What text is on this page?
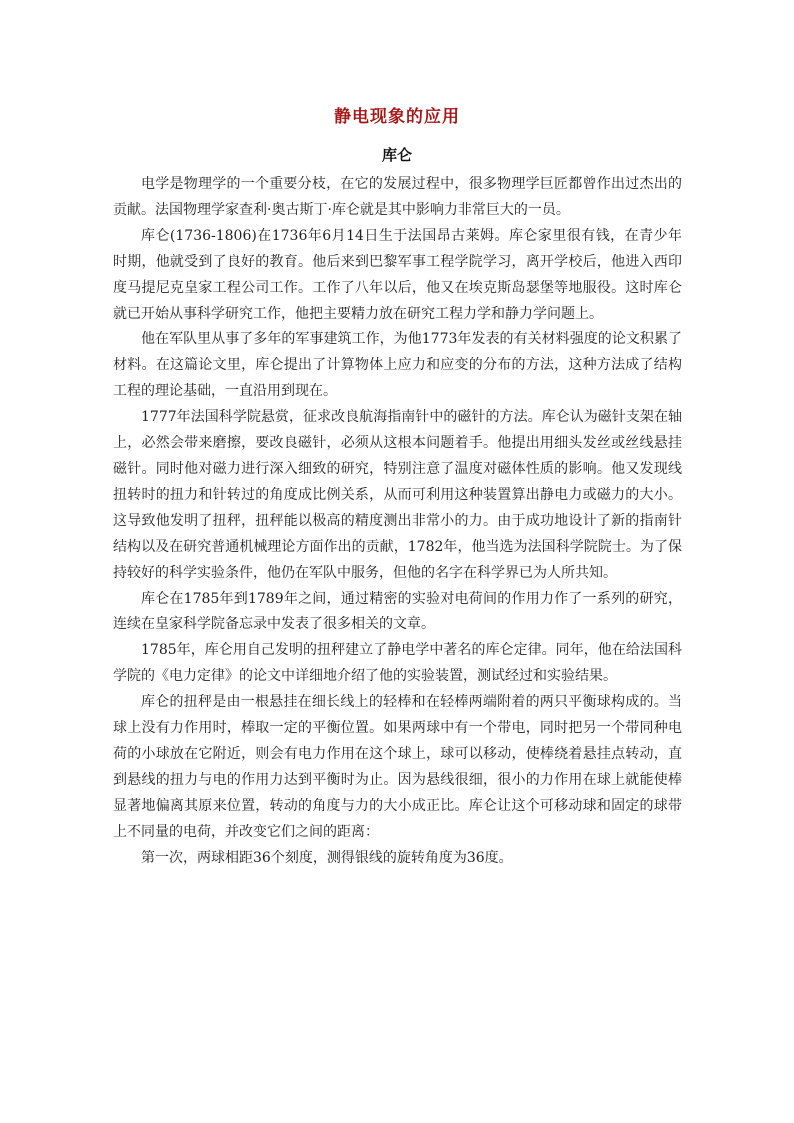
静电现象的应用
库仑

电学是物理学的一个重要分枝，在它的发展过程中，很多物理学巨匠都曾作出过杰出的贡献。法国物理学家查利·奥古斯丁·库仑就是其中影响力非常巨大的一员。

库仑(1736-1806)在1736年6月14日生于法国昂古莱姆。库仑家里很有钱，在青少年时期，他就受到了良好的教育。他后来到巴黎军事工程学院学习，离开学校后，他进入西印度马提尼克皇家工程公司工作。工作了八年以后，他又在埃克斯岛瑟堡等地服役。这时库仑就已开始从事科学研究工作，他把主要精力放在研究工程力学和静力学问题上。

他在军队里从事了多年的军事建筑工作，为他1773年发表的有关材料强度的论文积累了材料。在这篇论文里，库仑提出了计算物体上应力和应变的分布的方法，这种方法成了结构工程的理论基础，一直沿用到现在。

1777年法国科学院悬赏，征求改良航海指南针中的磁针的方法。库仑认为磁针支架在轴上，必然会带来磨擦，要改良磁针，必须从这根本问题着手。他提出用细头发丝或丝线悬挂磁针。同时他对磁力进行深入细致的研究，特别注意了温度对磁体性质的影响。他又发现线扭转时的扭力和针转过的角度成比例关系，从而可利用这种装置算出静电力或磁力的大小。这导致他发明了扭秤，扭秤能以极高的精度测出非常小的力。由于成功地设计了新的指南针结构以及在研究普通机械理论方面作出的贡献，1782年，他当选为法国科学院院士。为了保持较好的科学实验条件，他仍在军队中服务，但他的名字在科学界已为人所共知。

库仑在1785年到1789年之间，通过精密的实验对电荷间的作用力作了一系列的研究，连续在皇家科学院备忘录中发表了很多相关的文章。

1785年，库仑用自己发明的扭秤建立了静电学中著名的库仑定律。同年，他在给法国科学院的《电力定律》的论文中详细地介绍了他的实验装置，测试经过和实验结果。

库仑的扭秤是由一根悬挂在细长线上的轻棒和在轻棒两端附着的两只平衡球构成的。当球上没有力作用时，棒取一定的平衡位置。如果两球中有一个带电，同时把另一个带同种电荷的小球放在它附近，则会有电力作用在这个球上，球可以移动，使棒绕着悬挂点转动，直到悬线的扭力与电的作用力达到平衡时为止。因为悬线很细，很小的力作用在球上就能使棒显著地偏离其原来位置，转动的角度与力的大小成正比。库仑让这个可移动球和固定的球带上不同量的电荷，并改变它们之间的距离：

第一次，两球相距36个刻度，测得银线的旋转角度为36度。
